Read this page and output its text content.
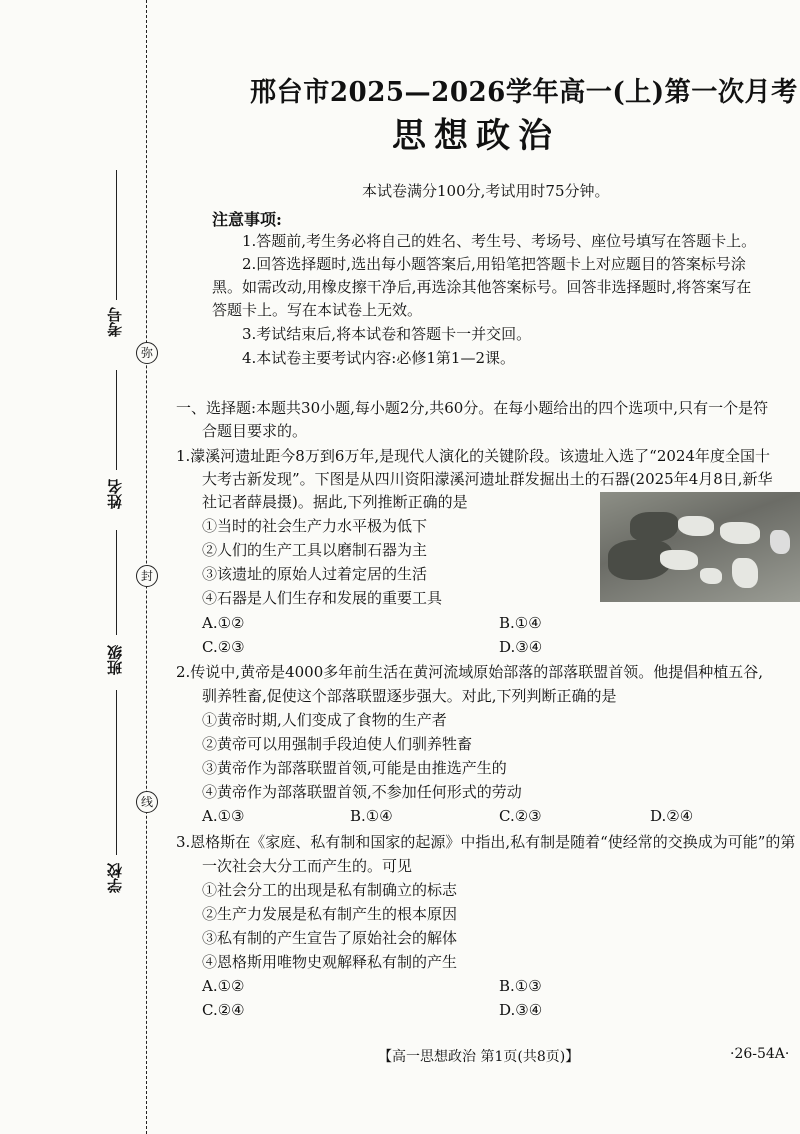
考号
姓名
班级
学校
弥
封
线
邢台市2025—2026学年高一(上)第一次月考
思想政治
本试卷满分100分,考试用时75分钟。
注意事项:
1.答题前,考生务必将自己的姓名、考生号、考场号、座位号填写在答题卡上。
2.回答选择题时,选出每小题答案后,用铅笔把答题卡上对应题目的答案标号涂
黑。如需改动,用橡皮擦干净后,再选涂其他答案标号。回答非选择题时,将答案写在
答题卡上。写在本试卷上无效。
3.考试结束后,将本试卷和答题卡一并交回。
4.本试卷主要考试内容:必修1第1—2课。
一、选择题:本题共30小题,每小题2分,共60分。在每小题给出的四个选项中,只有一个是符
合题目要求的。
1.濛溪河遗址距今8万到6万年,是现代人演化的关键阶段。该遗址入选了“2024年度全国十
大考古新发现”。下图是从四川资阳濛溪河遗址群发掘出土的石器(2025年4月8日,新华
社记者薛晨摄)。据此,下列推断正确的是
①当时的社会生产力水平极为低下
②人们的生产工具以磨制石器为主
③该遗址的原始人过着定居的生活
④石器是人们生存和发展的重要工具
A.①②	B.①④
C.②③	D.③④
2.传说中,黄帝是4000多年前生活在黄河流域原始部落的部落联盟首领。他提倡种植五谷,
驯养牲畜,促使这个部落联盟逐步强大。对此,下列判断正确的是
①黄帝时期,人们变成了食物的生产者
②黄帝可以用强制手段迫使人们驯养牲畜
③黄帝作为部落联盟首领,可能是由推选产生的
④黄帝作为部落联盟首领,不参加任何形式的劳动
A.①③	B.①④	C.②③	D.②④
3.恩格斯在《家庭、私有制和国家的起源》中指出,私有制是随着“使经常的交换成为可能”的第
一次社会大分工而产生的。可见
①社会分工的出现是私有制确立的标志
②生产力发展是私有制产生的根本原因
③私有制的产生宣告了原始社会的解体
④恩格斯用唯物史观解释私有制的产生
A.①②	B.①③
C.②④	D.③④
【高一思想政治 第1页(共8页)】	·26-54A·
